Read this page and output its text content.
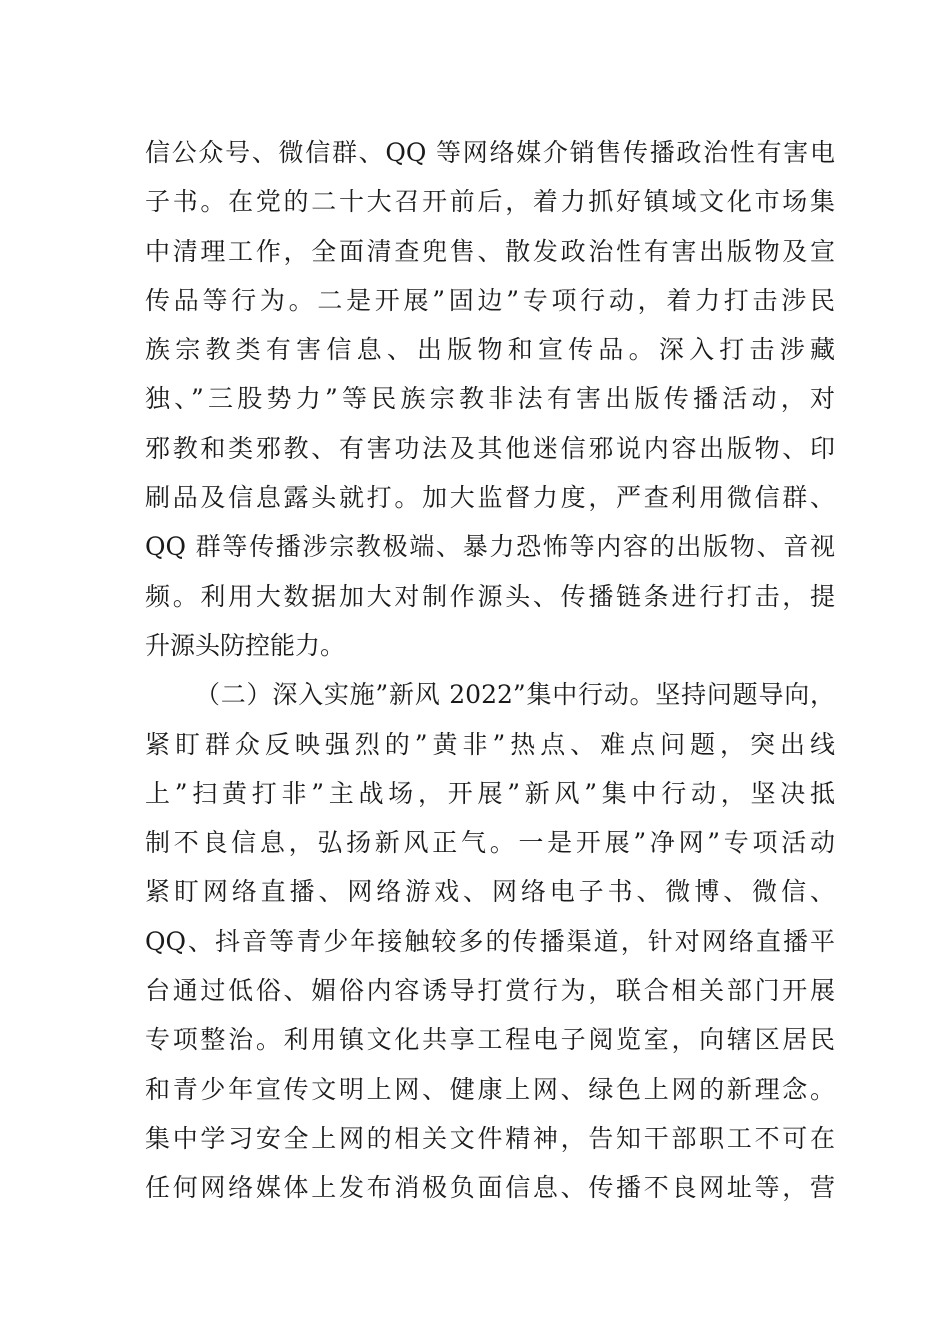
信公众号、微信群、QQ 等网络媒介销售传播政治性有害电
子书。在党的二十大召开前后，着力抓好镇域文化市场集
中清理工作，全面清查兜售、散发政治性有害出版物及宣
传品等行为。二是开展”固边”专项行动，着力打击涉民
族宗教类有害信息、出版物和宣传品。深入打击涉藏
独、”三股势力”等民族宗教非法有害出版传播活动，对
邪教和类邪教、有害功法及其他迷信邪说内容出版物、印
刷品及信息露头就打。加大监督力度，严查利用微信群、
QQ 群等传播涉宗教极端、暴力恐怖等内容的出版物、音视
频。利用大数据加大对制作源头、传播链条进行打击，提
升源头防控能力。
（二）深入实施”新风 2022”集中行动。坚持问题导向，
紧盯群众反映强烈的”黄非”热点、难点问题，突出线
上”扫黄打非”主战场，开展”新风”集中行动，坚决抵
制不良信息，弘扬新风正气。一是开展”净网”专项活动
紧盯网络直播、网络游戏、网络电子书、微博、微信、
QQ、抖音等青少年接触较多的传播渠道，针对网络直播平
台通过低俗、媚俗内容诱导打赏行为，联合相关部门开展
专项整治。利用镇文化共享工程电子阅览室，向辖区居民
和青少年宣传文明上网、健康上网、绿色上网的新理念。
集中学习安全上网的相关文件精神，告知干部职工不可在
任何网络媒体上发布消极负面信息、传播不良网址等，营
